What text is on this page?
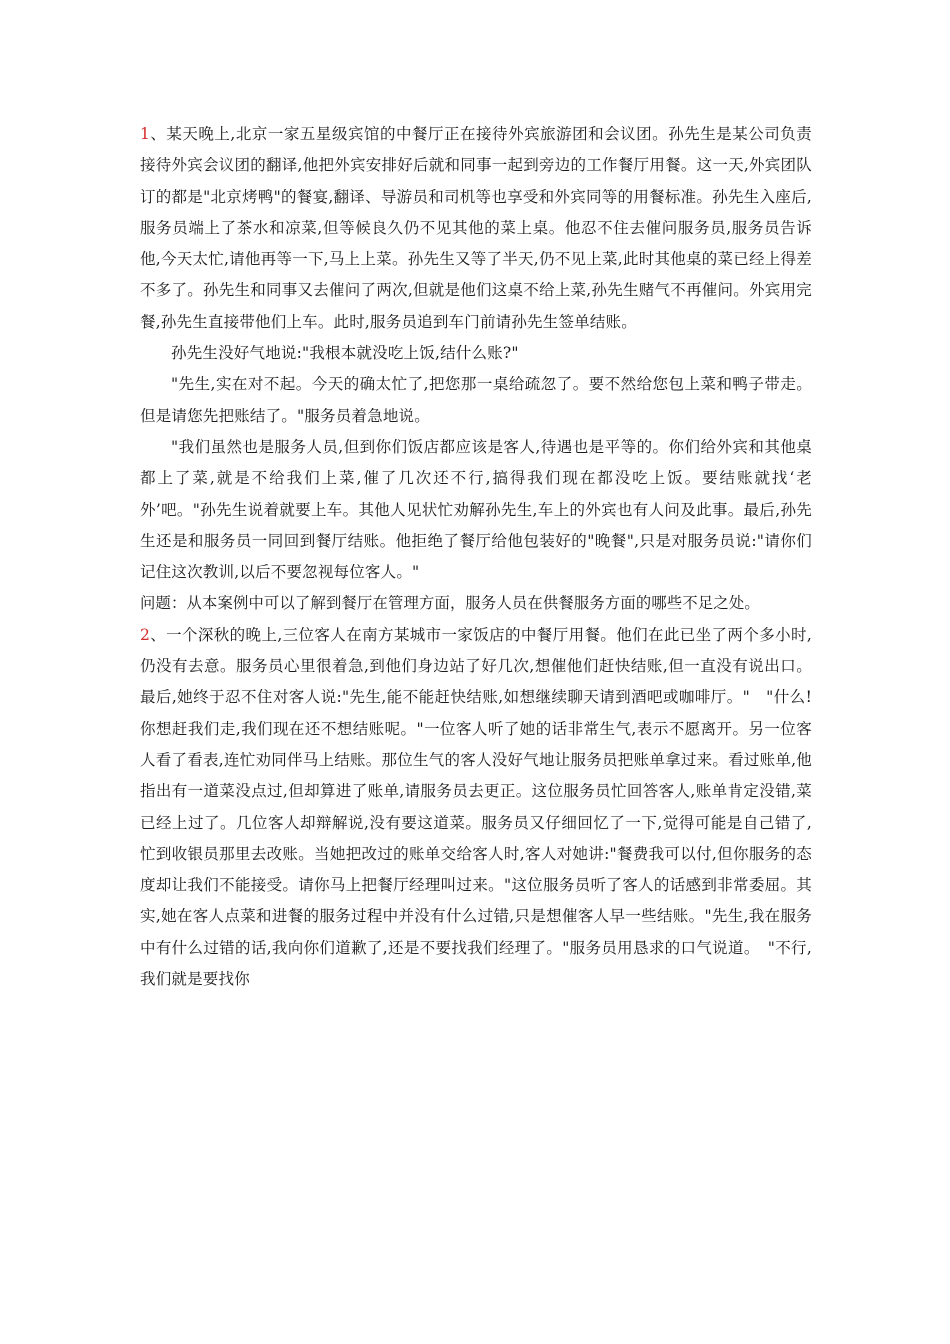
1、某天晚上,北京一家五星级宾馆的中餐厅正在接待外宾旅游团和会议团。孙先生是某公司负责接待外宾会议团的翻译,他把外宾安排好后就和同事一起到旁边的工作餐厅用餐。这一天,外宾团队订的都是"北京烤鸭"的餐宴,翻译、导游员和司机等也享受和外宾同等的用餐标准。孙先生入座后,服务员端上了茶水和凉菜,但等候良久仍不见其他的菜上桌。他忍不住去催问服务员,服务员告诉他,今天太忙,请他再等一下,马上上菜。孙先生又等了半天,仍不见上菜,此时其他桌的菜已经上得差不多了。孙先生和同事又去催问了两次,但就是他们这桌不给上菜,孙先生赌气不再催问。外宾用完餐,孙先生直接带他们上车。此时,服务员追到车门前请孙先生签单结账。

孙先生没好气地说:"我根本就没吃上饭,结什么账?"

"先生,实在对不起。今天的确太忙了,把您那一桌给疏忽了。要不然给您包上菜和鸭子带走。但是请您先把账结了。"服务员着急地说。

"我们虽然也是服务人员,但到你们饭店都应该是客人,待遇也是平等的。你们给外宾和其他桌都上了菜,就是不给我们上菜,催了几次还不行,搞得我们现在都没吃上饭。要结账就找‘老外’吧。"孙先生说着就要上车。其他人见状忙劝解孙先生,车上的外宾也有人问及此事。最后,孙先生还是和服务员一同回到餐厅结账。他拒绝了餐厅给他包装好的"晚餐",只是对服务员说:"请你们记住这次教训,以后不要忽视每位客人。"

问题：从本案例中可以了解到餐厅在管理方面，服务人员在供餐服务方面的哪些不足之处。

2、一个深秋的晚上,三位客人在南方某城市一家饭店的中餐厅用餐。他们在此已坐了两个多小时,仍没有去意。服务员心里很着急,到他们身边站了好几次,想催他们赶快结账,但一直没有说出口。最后,她终于忍不住对客人说:"先生,能不能赶快结账,如想继续聊天请到酒吧或咖啡厅。"　"什么!你想赶我们走,我们现在还不想结账呢。"一位客人听了她的话非常生气,表示不愿离开。另一位客人看了看表,连忙劝同伴马上结账。那位生气的客人没好气地让服务员把账单拿过来。看过账单,他指出有一道菜没点过,但却算进了账单,请服务员去更正。这位服务员忙回答客人,账单肯定没错,菜已经上过了。几位客人却辩解说,没有要这道菜。服务员又仔细回忆了一下,觉得可能是自己错了,忙到收银员那里去改账。当她把改过的账单交给客人时,客人对她讲:"餐费我可以付,但你服务的态度却让我们不能接受。请你马上把餐厅经理叫过来。"这位服务员听了客人的话感到非常委屈。其实,她在客人点菜和进餐的服务过程中并没有什么过错,只是想催客人早一些结账。"先生,我在服务中有什么过错的话,我向你们道歉了,还是不要找我们经理了。"服务员用恳求的口气说道。　"不行,我们就是要找你
